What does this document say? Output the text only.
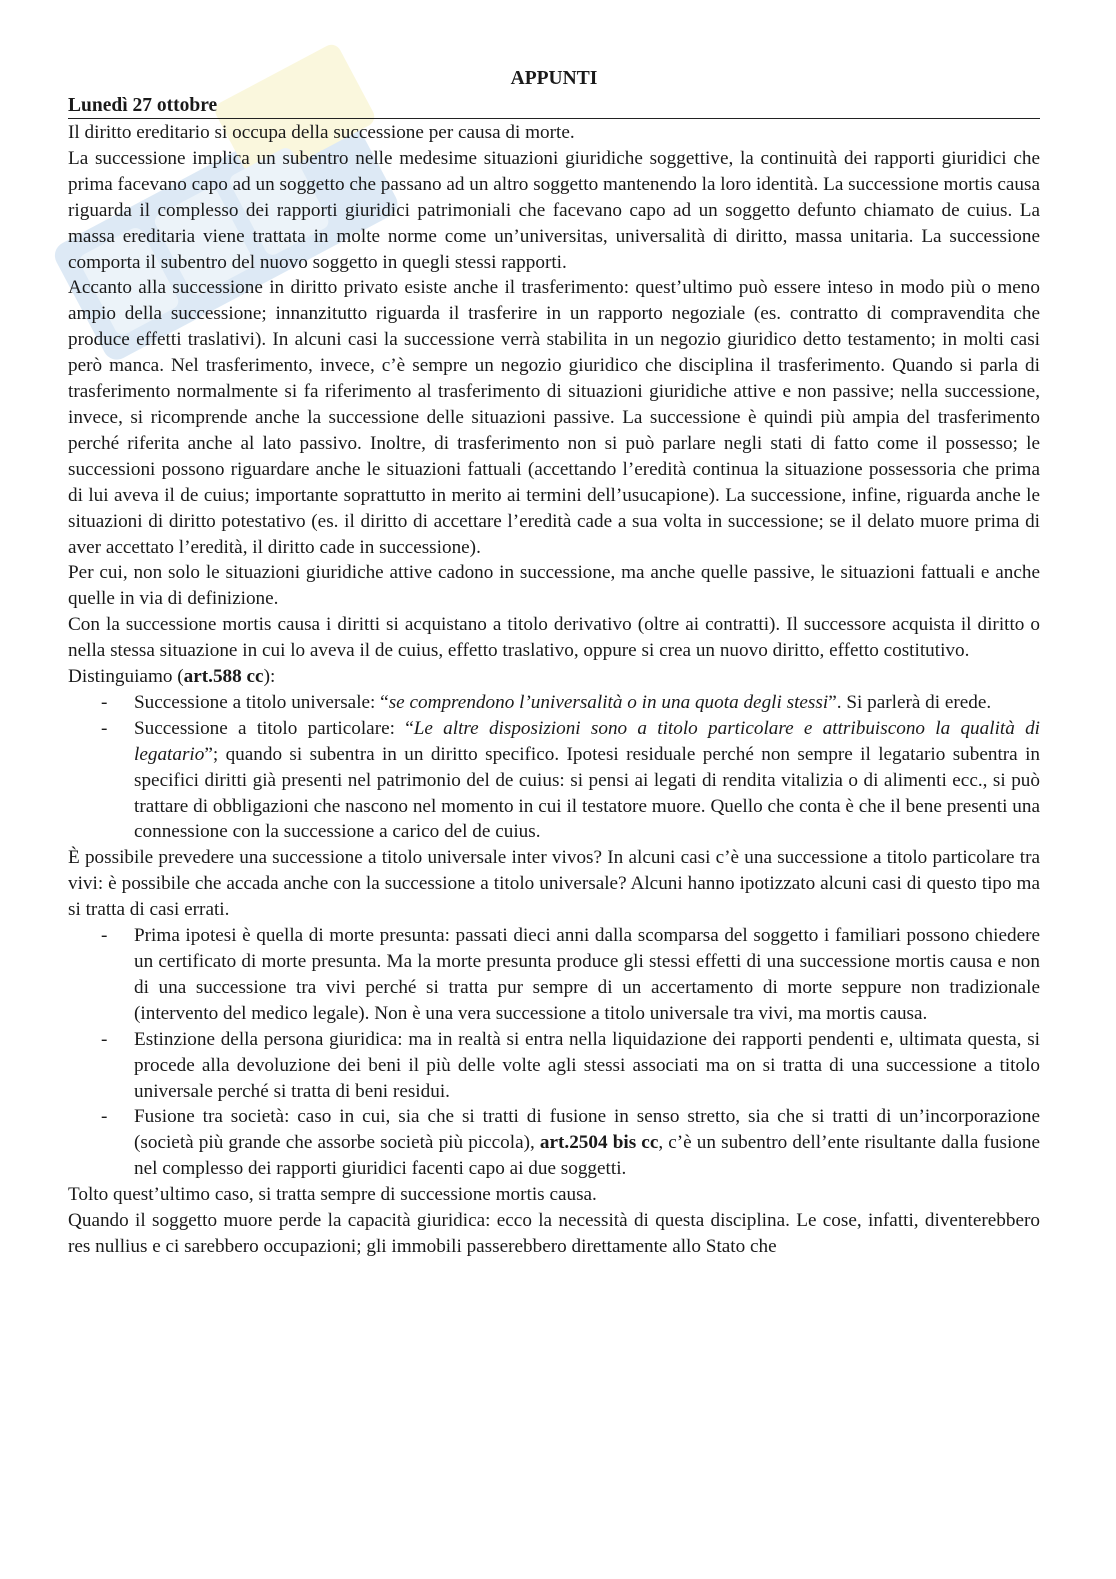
APPUNTI
Lunedì 27 ottobre

Il diritto ereditario si occupa della successione per causa di morte.

La successione implica un subentro nelle medesime situazioni giuridiche soggettive, la continuità dei rapporti giuridici che prima facevano capo ad un soggetto che passano ad un altro soggetto mantenendo la loro identità. La successione mortis causa riguarda il complesso dei rapporti giuridici patrimoniali che facevano capo ad un soggetto defunto chiamato de cuius. La massa ereditaria viene trattata in molte norme come un’universitas, universalità di diritto, massa unitaria. La successione comporta il subentro del nuovo soggetto in quegli stessi rapporti.

Accanto alla successione in diritto privato esiste anche il trasferimento: quest’ultimo può essere inteso in modo più o meno ampio della successione; innanzitutto riguarda il trasferire in un rapporto negoziale (es. contratto di compravendita che produce effetti traslativi). In alcuni casi la successione verrà stabilita in un negozio giuridico detto testamento; in molti casi però manca. Nel trasferimento, invece, c’è sempre un negozio giuridico che disciplina il trasferimento. Quando si parla di trasferimento normalmente si fa riferimento al trasferimento di situazioni giuridiche attive e non passive; nella successione, invece, si ricomprende anche la successione delle situazioni passive. La successione è quindi più ampia del trasferimento perché riferita anche al lato passivo. Inoltre, di trasferimento non si può parlare negli stati di fatto come il possesso; le successioni possono riguardare anche le situazioni fattuali (accettando l’eredità continua la situazione possessoria che prima di lui aveva il de cuius; importante soprattutto in merito ai termini dell’usucapione). La successione, infine, riguarda anche le situazioni di diritto potestativo (es. il diritto di accettare l’eredità cade a sua volta in successione; se il delato muore prima di aver accettato l’eredità, il diritto cade in successione).

Per cui, non solo le situazioni giuridiche attive cadono in successione, ma anche quelle passive, le situazioni fattuali e anche quelle in via di definizione.

Con la successione mortis causa i diritti si acquistano a titolo derivativo (oltre ai contratti). Il successore acquista il diritto o nella stessa situazione in cui lo aveva il de cuius, effetto traslativo, oppure si crea un nuovo diritto, effetto costitutivo.

Distinguiamo (art.588 cc):

- Successione a titolo universale: “se comprendono l’universalità o in una quota degli stessi”. Si parlerà di erede.
- Successione a titolo particolare: “Le altre disposizioni sono a titolo particolare e attribuiscono la qualità di legatario”; quando si subentra in un diritto specifico. Ipotesi residuale perché non sempre il legatario subentra in specifici diritti già presenti nel patrimonio del de cuius: si pensi ai legati di rendita vitalizia o di alimenti ecc., si può trattare di obbligazioni che nascono nel momento in cui il testatore muore. Quello che conta è che il bene presenti una connessione con la successione a carico del de cuius.

È possibile prevedere una successione a titolo universale inter vivos? In alcuni casi c’è una successione a titolo particolare tra vivi: è possibile che accada anche con la successione a titolo universale? Alcuni hanno ipotizzato alcuni casi di questo tipo ma si tratta di casi errati.

- Prima ipotesi è quella di morte presunta: passati dieci anni dalla scomparsa del soggetto i familiari possono chiedere un certificato di morte presunta. Ma la morte presunta produce gli stessi effetti di una successione mortis causa e non di una successione tra vivi perché si tratta pur sempre di un accertamento di morte seppure non tradizionale (intervento del medico legale). Non è una vera successione a titolo universale tra vivi, ma mortis causa.
- Estinzione della persona giuridica: ma in realtà si entra nella liquidazione dei rapporti pendenti e, ultimata questa, si procede alla devoluzione dei beni il più delle volte agli stessi associati ma on si tratta di una successione a titolo universale perché si tratta di beni residui.
- Fusione tra società: caso in cui, sia che si tratti di fusione in senso stretto, sia che si tratti di un’incorporazione (società più grande che assorbe società più piccola), art.2504 bis cc, c’è un subentro dell’ente risultante dalla fusione nel complesso dei rapporti giuridici facenti capo ai due soggetti.

Tolto quest’ultimo caso, si tratta sempre di successione mortis causa.

Quando il soggetto muore perde la capacità giuridica: ecco la necessità di questa disciplina. Le cose, infatti, diventerebbero res nullius e ci sarebbero occupazioni; gli immobili passerebbero direttamente allo Stato che
